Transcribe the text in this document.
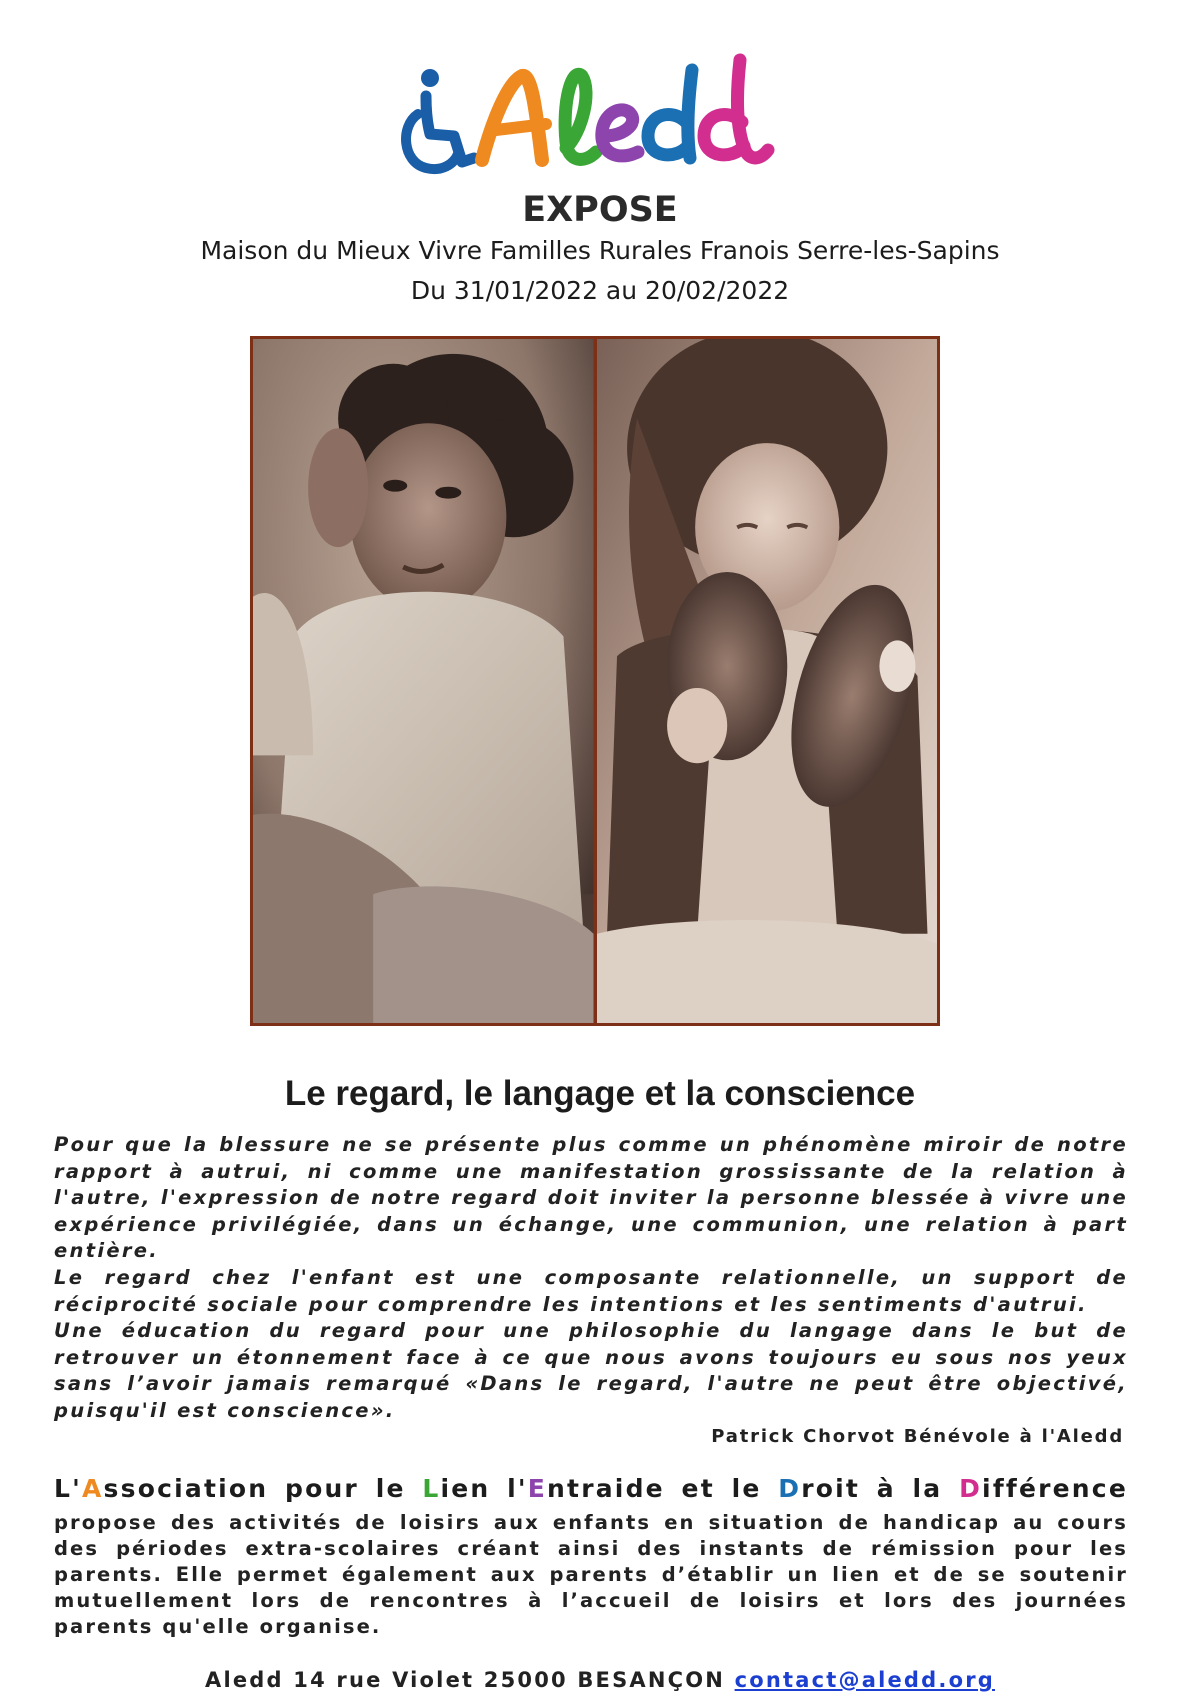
EXPOSE
Maison du Mieux Vivre Familles Rurales Franois Serre-les-Sapins
Du 31/01/2022 au 20/02/2022
Le regard, le langage et la conscience

Pour que la blessure ne se présente plus comme un phénomène miroir de notre rapport à autrui, ni comme une manifestation grossissante de la relation à l'autre, l'expression de notre regard doit inviter la personne blessée à vivre une expérience privilégiée, dans un échange, une communion, une relation à part entière.

Le regard chez l'enfant est une composante relationnelle, un support de réciprocité sociale pour comprendre les intentions et les sentiments d'autrui.

Une éducation du regard pour une philosophie du langage dans le but de retrouver un étonnement face à ce que nous avons toujours eu sous nos yeux sans l’avoir jamais remarqué «Dans le regard, l'autre ne peut être objectivé, puisqu'il est conscience».

Patrick Chorvot Bénévole à l'Aledd
L'Association pour le Lien l'Entraide et le Droit à la Différence
propose des activités de loisirs aux enfants en situation de handicap au cours des périodes extra-scolaires créant ainsi des instants de rémission pour les parents. Elle permet également aux parents d’établir un lien et de se soutenir mutuellement lors de rencontres à l’accueil de loisirs et lors des journées parents qu'elle organise.
Aledd 14 rue Violet 25000 BESANÇON contact@aledd.org
